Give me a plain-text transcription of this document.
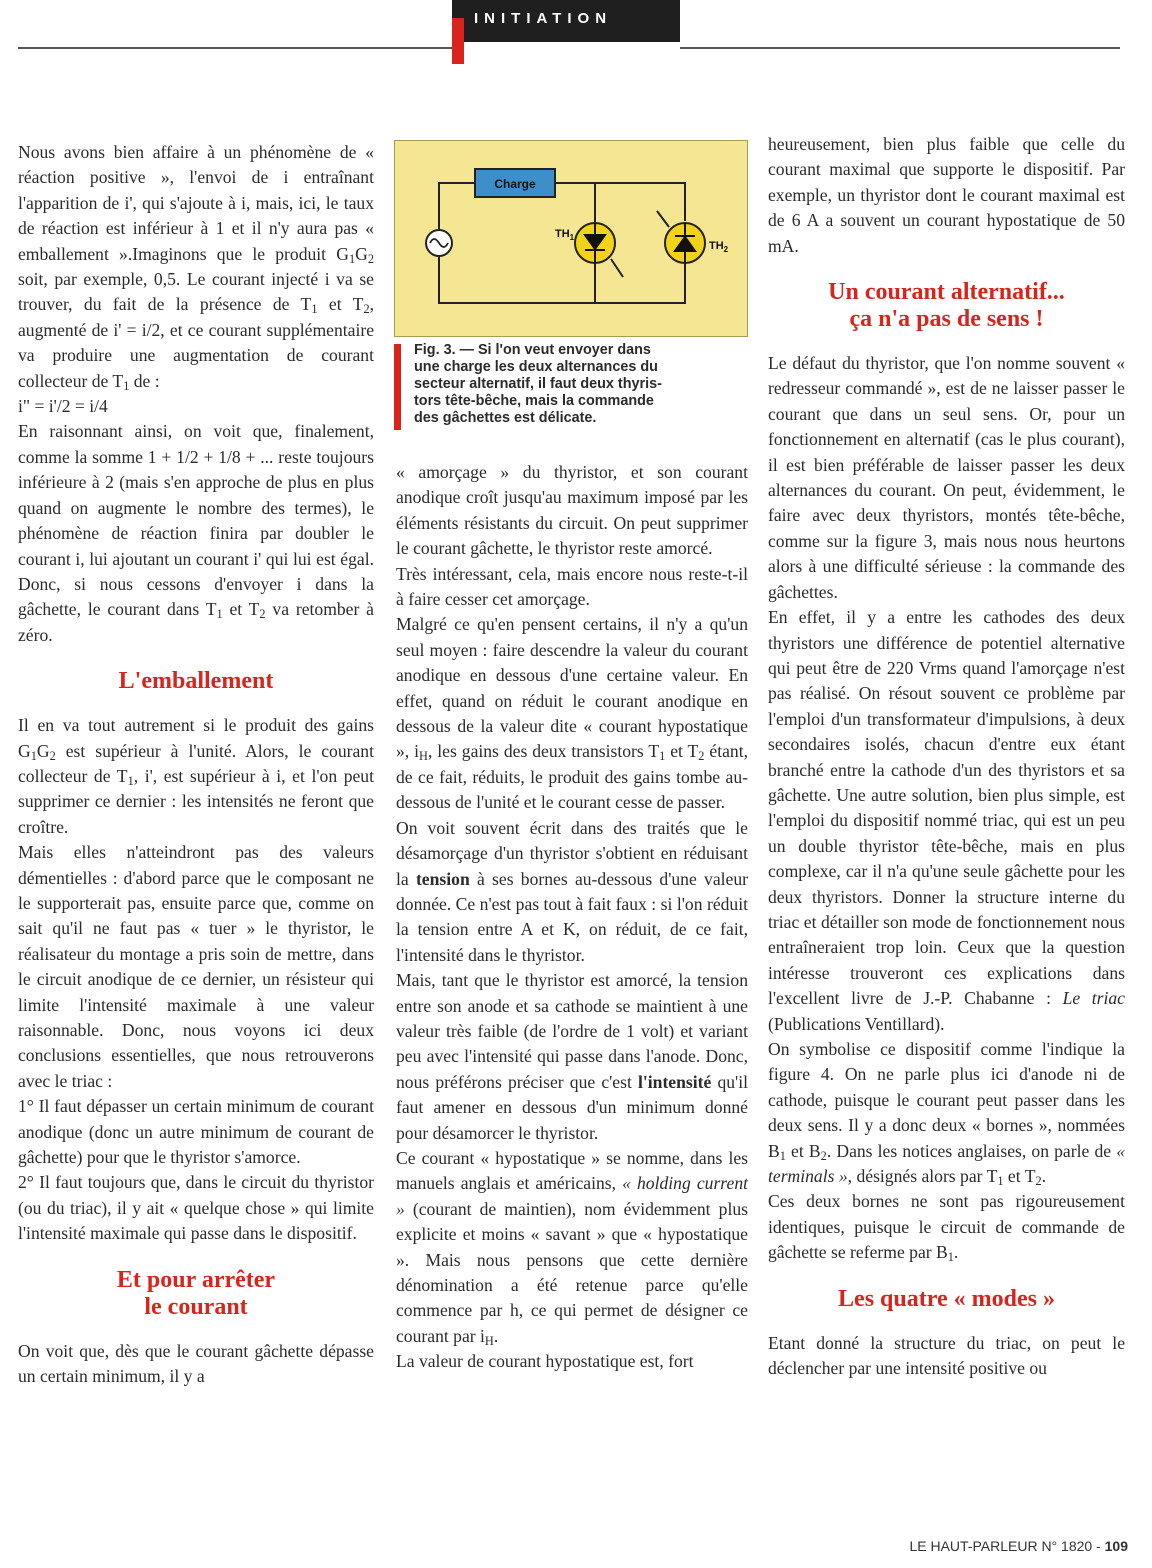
INITIATION

Nous avons bien affaire à un phénomène de « réaction positive », l'envoi de i entraînant l'apparition de i', qui s'ajoute à i, mais, ici, le taux de réaction est inférieur à 1 et il n'y aura pas « emballement ».Imaginons que le produit $G_1G_2$ soit, par exemple, 0,5. Le courant injecté i va se trouver, du fait de la présence de $T_1$ et $T_2$, augmenté de i' = i/2, et ce courant supplémentaire va produire une augmentation de courant collecteur de $T_1$ de :

i" = i'/2 = i/4

En raisonnant ainsi, on voit que, finalement, comme la somme 1 + 1/2 + 1/8 + ... reste toujours inférieure à 2 (mais s'en approche de plus en plus quand on augmente le nombre des termes), le phénomène de réaction finira par doubler le courant i, lui ajoutant un courant i' qui lui est égal. Donc, si nous cessons d'envoyer i dans la gâchette, le courant dans $T_1$ et $T_2$ va retomber à zéro.

L'emballement

Il en va tout autrement si le produit des gains $G_1G_2$ est supérieur à l'unité. Alors, le courant collecteur de $T_1$, i', est supérieur à i, et l'on peut supprimer ce dernier : les intensités ne feront que croître.

Mais elles n'atteindront pas des valeurs démentielles : d'abord parce que le composant ne le supporterait pas, ensuite parce que, comme on sait qu'il ne faut pas « tuer » le thyristor, le réalisateur du montage a pris soin de mettre, dans le circuit anodique de ce dernier, un résisteur qui limite l'intensité maximale à une valeur raisonnable. Donc, nous voyons ici deux conclusions essentielles, que nous retrouverons avec le triac :

1° Il faut dépasser un certain minimum de courant anodique (donc un autre minimum de courant de gâchette) pour que le thyristor s'amorce.

2° Il faut toujours que, dans le circuit du thyristor (ou du triac), il y ait « quelque chose » qui limite l'intensité maximale qui passe dans le dispositif.

Et pour arrêter
le courant

On voit que, dès que le courant gâchette dépasse un certain minimum, il y a

Charge
$TH_1$
$TH_2$
Fig. 3. — Si l'on veut envoyer dans
une charge les deux alternances du
secteur alternatif, il faut deux thyris-
tors tête-bêche, mais la commande
des gâchettes est délicate.

« amorçage » du thyristor, et son courant anodique croît jusqu'au maximum imposé par les éléments résistants du circuit. On peut supprimer le courant gâchette, le thyristor reste amorcé.

Très intéressant, cela, mais encore nous reste-t-il à faire cesser cet amorçage.

Malgré ce qu'en pensent certains, il n'y a qu'un seul moyen : faire descendre la valeur du courant anodique en dessous d'une certaine valeur. En effet, quand on réduit le courant anodique en dessous de la valeur dite « courant hypostatique », $i_H$, les gains des deux transistors $T_1$ et $T_2$ étant, de ce fait, réduits, le produit des gains tombe au-dessous de l'unité et le courant cesse de passer.

On voit souvent écrit dans des traités que le désamorçage d'un thyristor s'obtient en réduisant la tension à ses bornes au-dessous d'une valeur donnée. Ce n'est pas tout à fait faux : si l'on réduit la tension entre A et K, on réduit, de ce fait, l'intensité dans le thyristor.

Mais, tant que le thyristor est amorcé, la tension entre son anode et sa cathode se maintient à une valeur très faible (de l'ordre de 1 volt) et variant peu avec l'intensité qui passe dans l'anode. Donc, nous préférons préciser que c'est l'intensité qu'il faut amener en dessous d'un minimum donné pour désamorcer le thyristor.

Ce courant « hypostatique » se nomme, dans les manuels anglais et américains, « holding current » (courant de maintien), nom évidemment plus explicite et moins « savant » que « hypostatique ». Mais nous pensons que cette dernière dénomination a été retenue parce qu'elle commence par h, ce qui permet de désigner ce courant par $i_H$.

La valeur de courant hypostatique est, fort

heureusement, bien plus faible que celle du courant maximal que supporte le dispositif. Par exemple, un thyristor dont le courant maximal est de 6 A a souvent un courant hypostatique de 50 mA.

Un courant alternatif...
ça n'a pas de sens !

Le défaut du thyristor, que l'on nomme souvent « redresseur commandé », est de ne laisser passer le courant que dans un seul sens. Or, pour un fonctionnement en alternatif (cas le plus courant), il est bien préférable de laisser passer les deux alternances du courant. On peut, évidemment, le faire avec deux thyristors, montés tête-bêche, comme sur la figure 3, mais nous nous heurtons alors à une difficulté sérieuse : la commande des gâchettes.

En effet, il y a entre les cathodes des deux thyristors une différence de potentiel alternative qui peut être de 220 Vrms quand l'amorçage n'est pas réalisé. On résout souvent ce problème par l'emploi d'un transformateur d'impulsions, à deux secondaires isolés, chacun d'entre eux étant branché entre la cathode d'un des thyristors et sa gâchette. Une autre solution, bien plus simple, est l'emploi du dispositif nommé triac, qui est un peu un double thyristor tête-bêche, mais en plus complexe, car il n'a qu'une seule gâchette pour les deux thyristors. Donner la structure interne du triac et détailler son mode de fonctionnement nous entraîneraient trop loin. Ceux que la question intéresse trouveront ces explications dans l'excellent livre de J.-P. Chabanne : Le triac (Publications Ventillard).

On symbolise ce dispositif comme l'indique la figure 4. On ne parle plus ici d'anode ni de cathode, puisque le courant peut passer dans les deux sens. Il y a donc deux « bornes », nommées $B_1$ et $B_2$. Dans les notices anglaises, on parle de « terminals », désignés alors par $T_1$ et $T_2$.

Ces deux bornes ne sont pas rigoureusement identiques, puisque le circuit de commande de gâchette se referme par $B_1$.

Les quatre « modes »

Etant donné la structure du triac, on peut le déclencher par une intensité positive ou

LE HAUT-PARLEUR N° 1820 - 109
